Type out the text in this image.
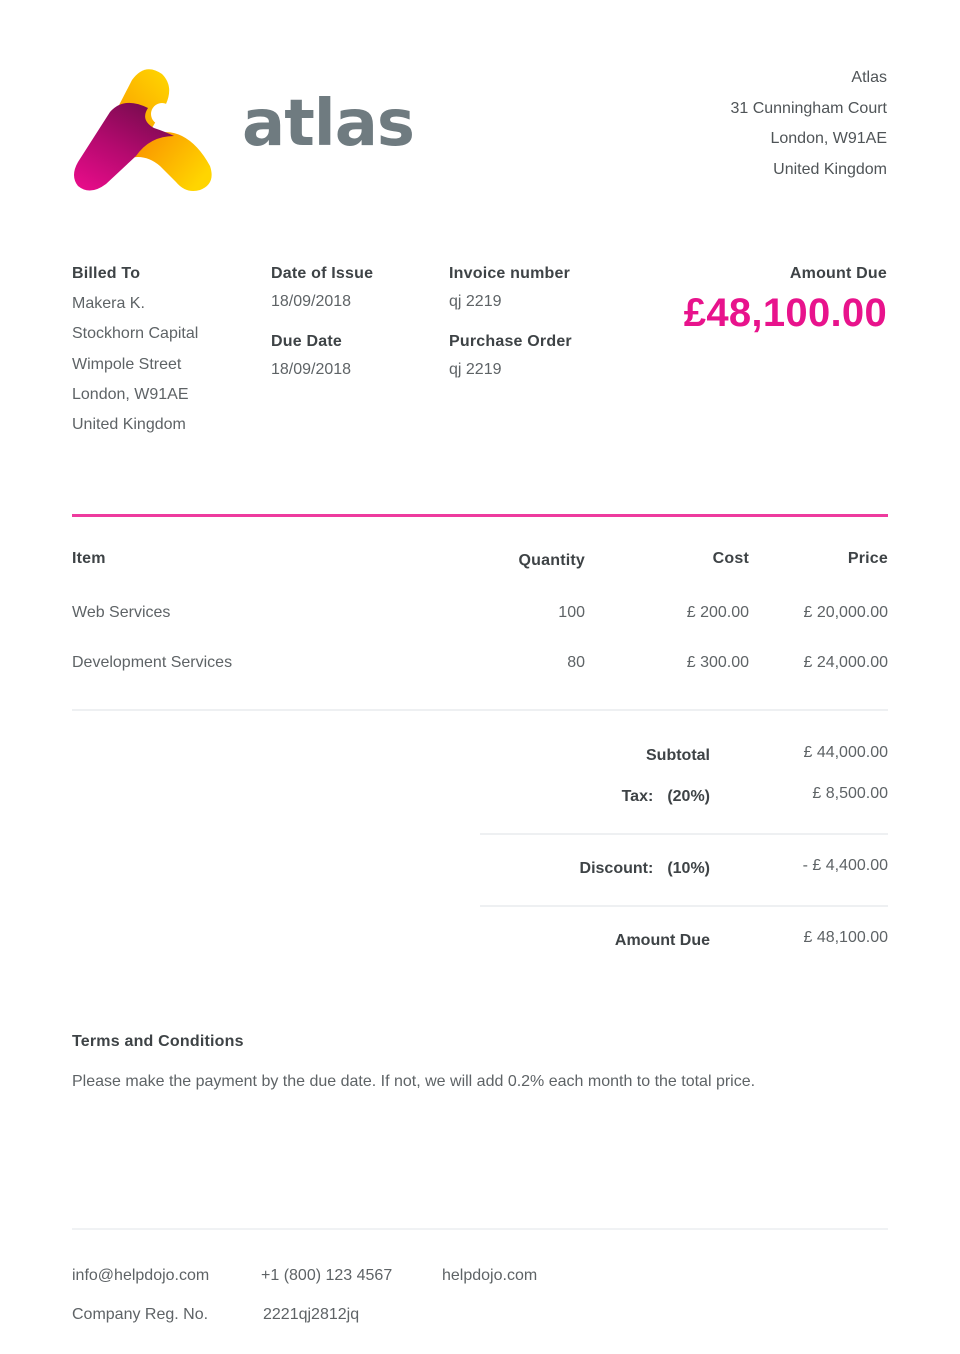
atlas
Atlas
31 Cunningham Court
London, W91AE
United Kingdom
Billed To
Makera K.
Stockhorn Capital
Wimpole Street
London, W91AE
United Kingdom
Date of Issue
18/09/2018
Due Date
18/09/2018
Invoice number
qj 2219
Purchase Order
qj 2219
Amount Due
£48,100.00
Item	Quantity	Cost	Price
Web Services	100	£ 200.00	£ 20,000.00
Development Services	80	£ 300.00	£ 24,000.00
Subtotal	£ 44,000.00
Tax: (20%)	£ 8,500.00
Discount: (10%)	- £ 4,400.00
Amount Due	£ 48,100.00
Terms and Conditions
Please make the payment by the due date. If not, we will add 0.2% each month to the total price.
info@helpdojo.com	+1 (800) 123 4567	helpdojo.com
Company Reg. No.	2221qj2812jq
